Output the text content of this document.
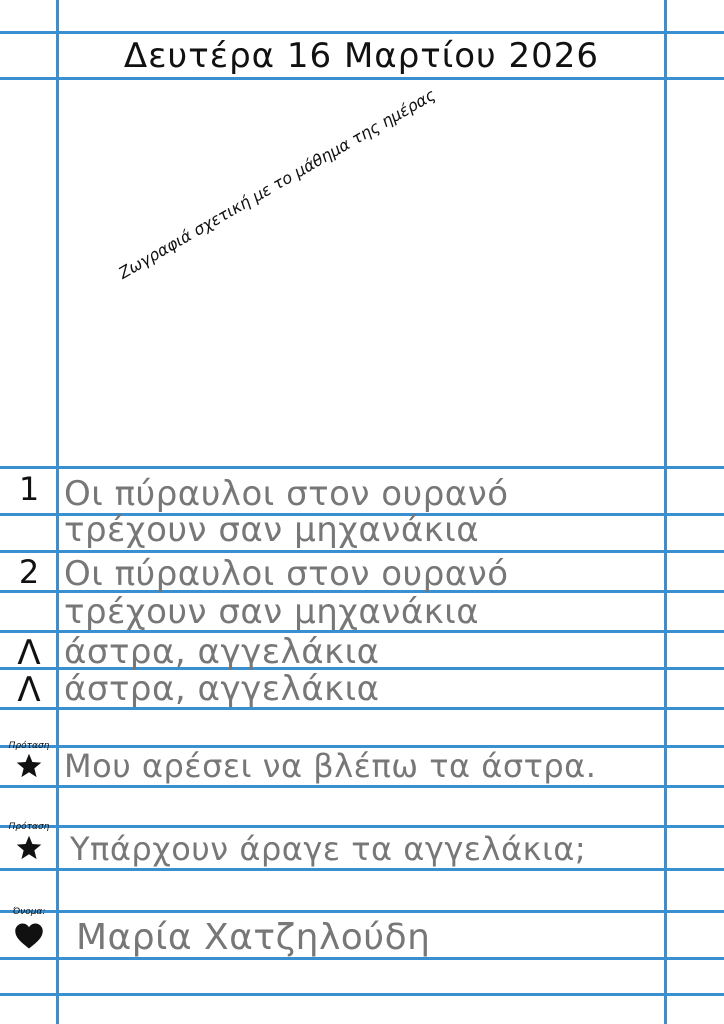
Δευτέρα 16 Μαρτίου 2026
Ζωγραφιά σχετική με το μάθημα της ημέρας
1 Οι πύραυλοι στον ουρανό
τρέχουν σαν μηχανάκια
2 Οι πύραυλοι στον ουρανό
τρέχουν σαν μηχανάκια
Λ άστρα, αγγελάκια
Λ άστρα, αγγελάκια
Πρόταση
Μου αρέσει να βλέπω τα άστρα.
Πρόταση
Υπάρχουν άραγε τα αγγελάκια;
Όνομα:
Μαρία Χατζηλούδη
